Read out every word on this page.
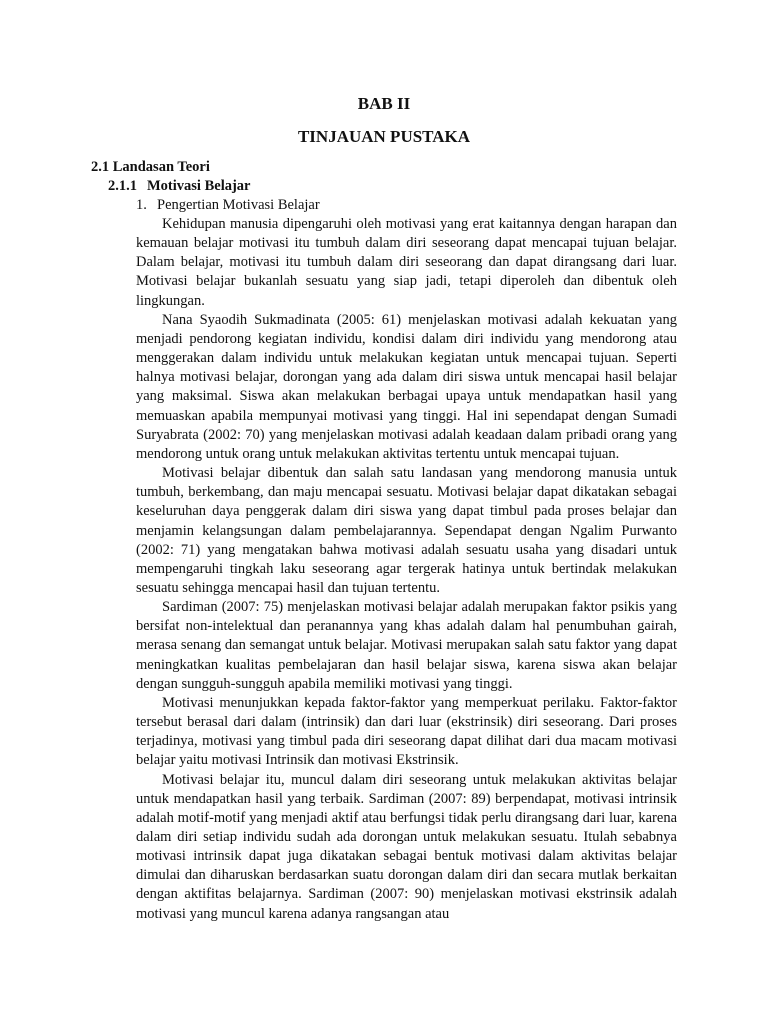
BAB II
TINJAUAN PUSTAKA
2.1 Landasan Teori
2.1.1 Motivasi Belajar
1. Pengertian Motivasi Belajar

Kehidupan manusia dipengaruhi oleh motivasi yang erat kaitannya dengan harapan dan kemauan belajar motivasi itu tumbuh dalam diri seseorang dapat mencapai tujuan belajar. Dalam belajar, motivasi itu tumbuh dalam diri seseorang dan dapat dirangsang dari luar. Motivasi belajar bukanlah sesuatu yang siap jadi, tetapi diperoleh dan dibentuk oleh lingkungan.

Nana Syaodih Sukmadinata (2005: 61) menjelaskan motivasi adalah kekuatan yang menjadi pendorong kegiatan individu, kondisi dalam diri individu yang mendorong atau menggerakan dalam individu untuk melakukan kegiatan untuk mencapai tujuan. Seperti halnya motivasi belajar, dorongan yang ada dalam diri siswa untuk mencapai hasil belajar yang maksimal. Siswa akan melakukan berbagai upaya untuk mendapatkan hasil yang memuaskan apabila mempunyai motivasi yang tinggi. Hal ini sependapat dengan Sumadi Suryabrata (2002: 70) yang menjelaskan motivasi adalah keadaan dalam pribadi orang yang mendorong untuk orang untuk melakukan aktivitas tertentu untuk mencapai tujuan.

Motivasi belajar dibentuk dan salah satu landasan yang mendorong manusia untuk tumbuh, berkembang, dan maju mencapai sesuatu. Motivasi belajar dapat dikatakan sebagai keseluruhan daya penggerak dalam diri siswa yang dapat timbul pada proses belajar dan menjamin kelangsungan dalam pembelajarannya. Sependapat dengan Ngalim Purwanto (2002: 71) yang mengatakan bahwa motivasi adalah sesuatu usaha yang disadari untuk mempengaruhi tingkah laku seseorang agar tergerak hatinya untuk bertindak melakukan sesuatu sehingga mencapai hasil dan tujuan tertentu.

Sardiman (2007: 75) menjelaskan motivasi belajar adalah merupakan faktor psikis yang bersifat non-intelektual dan peranannya yang khas adalah dalam hal penumbuhan gairah, merasa senang dan semangat untuk belajar. Motivasi merupakan salah satu faktor yang dapat meningkatkan kualitas pembelajaran dan hasil belajar siswa, karena siswa akan belajar dengan sungguh-sungguh apabila memiliki motivasi yang tinggi.

Motivasi menunjukkan kepada faktor-faktor yang memperkuat perilaku. Faktor-faktor tersebut berasal dari dalam (intrinsik) dan dari luar (ekstrinsik) diri seseorang. Dari proses terjadinya, motivasi yang timbul pada diri seseorang dapat dilihat dari dua macam motivasi belajar yaitu motivasi Intrinsik dan motivasi Ekstrinsik.

Motivasi belajar itu, muncul dalam diri seseorang untuk melakukan aktivitas belajar untuk mendapatkan hasil yang terbaik. Sardiman (2007: 89) berpendapat, motivasi intrinsik adalah motif-motif yang menjadi aktif atau berfungsi tidak perlu dirangsang dari luar, karena dalam diri setiap individu sudah ada dorongan untuk melakukan sesuatu. Itulah sebabnya motivasi intrinsik dapat juga dikatakan sebagai bentuk motivasi dalam aktivitas belajar dimulai dan diharuskan berdasarkan suatu dorongan dalam diri dan secara mutlak berkaitan dengan aktifitas belajarnya. Sardiman (2007: 90) menjelaskan motivasi ekstrinsik adalah motivasi yang muncul karena adanya rangsangan atau
